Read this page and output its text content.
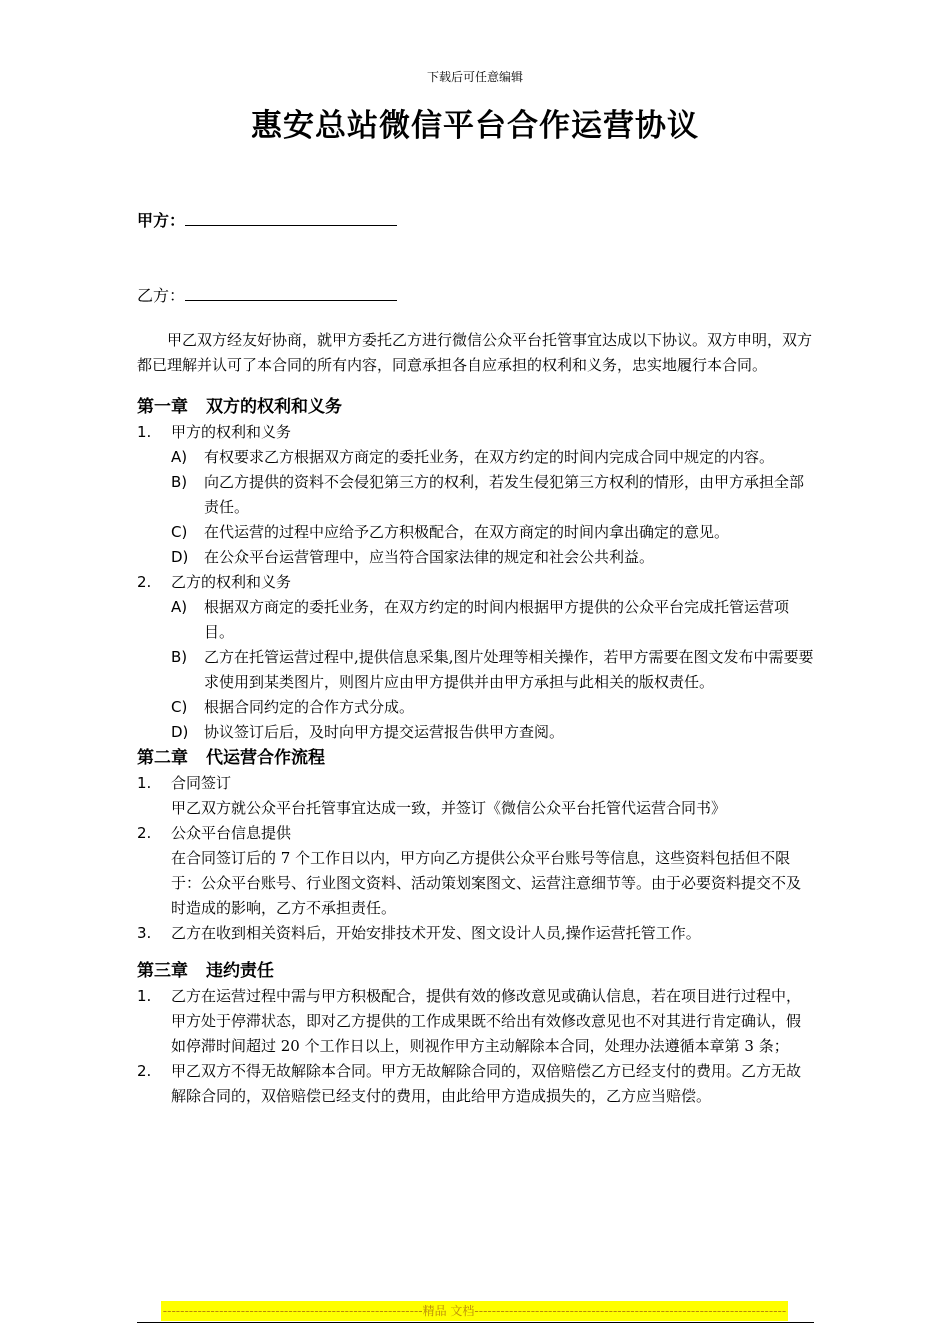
下载后可任意编辑
惠安总站微信平台合作运营协议
甲方：
乙方：

甲乙双方经友好协商，就甲方委托乙方进行微信公众平台托管事宜达成以下协议。双方申明，双方都已理解并认可了本合同的所有内容，同意承担各自应承担的权利和义务，忠实地履行本合同。

第一章 双方的权利和义务

1. 甲方的权利和义务

A) 有权要求乙方根据双方商定的委托业务，在双方约定的时间内完成合同中规定的内容。

B) 向乙方提供的资料不会侵犯第三方的权利，若发生侵犯第三方权利的情形，由甲方承担全部责任。

C) 在代运营的过程中应给予乙方积极配合，在双方商定的时间内拿出确定的意见。

D) 在公众平台运营管理中，应当符合国家法律的规定和社会公共利益。

2. 乙方的权利和义务

A) 根据双方商定的委托业务，在双方约定的时间内根据甲方提供的公众平台完成托管运营项目。

B) 乙方在托管运营过程中,提供信息采集,图片处理等相关操作，若甲方需要在图文发布中需要要求使用到某类图片，则图片应由甲方提供并由甲方承担与此相关的版权责任。

C) 根据合同约定的合作方式分成。

D) 协议签订后后，及时向甲方提交运营报告供甲方查阅。

第二章 代运营合作流程

1. 合同签订

甲乙双方就公众平台托管事宜达成一致，并签订《微信公众平台托管代运营合同书》

2. 公众平台信息提供

在合同签订后的 7 个工作日以内，甲方向乙方提供公众平台账号等信息，这些资料包括但不限于：公众平台账号、行业图文资料、活动策划案图文、运营注意细节等。由于必要资料提交不及时造成的影响，乙方不承担责任。

3. 乙方在收到相关资料后，开始安排技术开发、图文设计人员,操作运营托管工作。

第三章 违约责任

1. 乙方在运营过程中需与甲方积极配合，提供有效的修改意见或确认信息，若在项目进行过程中，甲方处于停滞状态，即对乙方提供的工作成果既不给出有效修改意见也不对其进行肯定确认，假如停滞时间超过 20 个工作日以上，则视作甲方主动解除本合同，处理办法遵循本章第 3 条；

2. 甲乙双方不得无故解除本合同。甲方无故解除合同的，双倍赔偿乙方已经支付的费用。乙方无故解除合同的，双倍赔偿已经支付的费用，由此给甲方造成损失的，乙方应当赔偿。

------------------------------------------------------------精品 文档------------------------------------------------------------------------
